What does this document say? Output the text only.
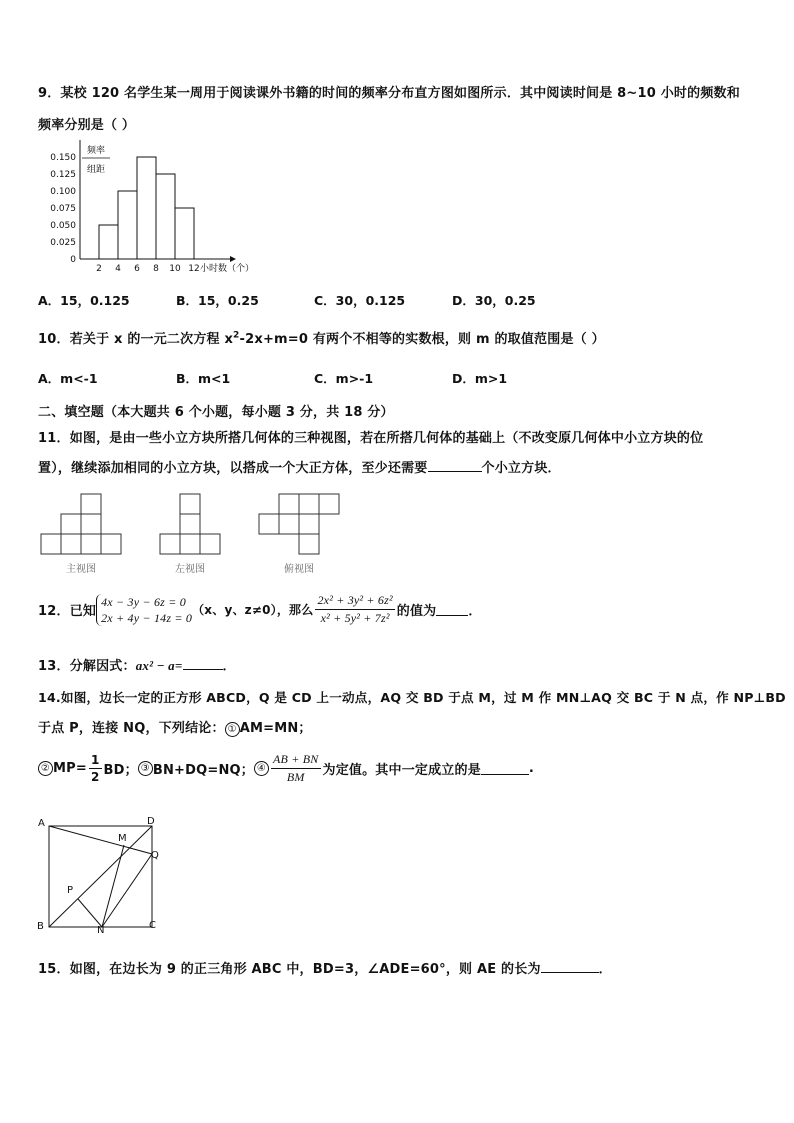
9．某校 120 名学生某一周用于阅读课外书籍的时间的频率分布直方图如图所示．其中阅读时间是 8~10 小时的频数和
频率分别是（ ）
频率
组距
0.150
0.125
0.100
0.075
0.050
0.025
0
2 4 6 8 10 12 小时数（个）
A．15，0.125	B．15，0.25	C．30，0.125	D．30，0.25
10．若关于 x 的一元二次方程 $x^2-2x+m=0$ 有两个不相等的实数根，则 m 的取值范围是（ ）
A．m<-1	B．m<1	C．m>-1	D．m>1
二、填空题（本大题共 6 个小题，每小题 3 分，共 18 分）
11．如图，是由一些小立方块所搭几何体的三种视图，若在所搭几何体的基础上（不改变原几何体中小立方块的位
置），继续添加相同的小立方块，以搭成一个大正方体，至少还需要	个小立方块．
主视图	左视图	俯视图
12．已知
4x − 3y − 6z = 0
2x + 4y − 14z = 0
（x、y、z≠0），那么 $\frac{\text{2x² + 3y² + 6z²}}{\text{x² + 5y² + 7z²}}$ 的值为 ．
13．分解因式：ax² − a=	．
14.如图，边长一定的正方形 ABCD，Q 是 CD 上一动点，AQ 交 BD 于点 M，过 M 作 MN⊥AQ 交 BC 于 N 点，作 NP⊥BD
于点 P，连接 NQ，下列结论： ① AM=MN；
② $MP= \frac{1}{2}$ BD； ③ BN+DQ=NQ； ④ $\frac{AB + BN}{BM}$ 为定值。其中一定成立的是	.
A	D
B	C
M
Q
P
N
15．如图，在边长为 9 的正三角形 ABC 中，BD=3，∠ADE=60°，则 AE 的长为	．
